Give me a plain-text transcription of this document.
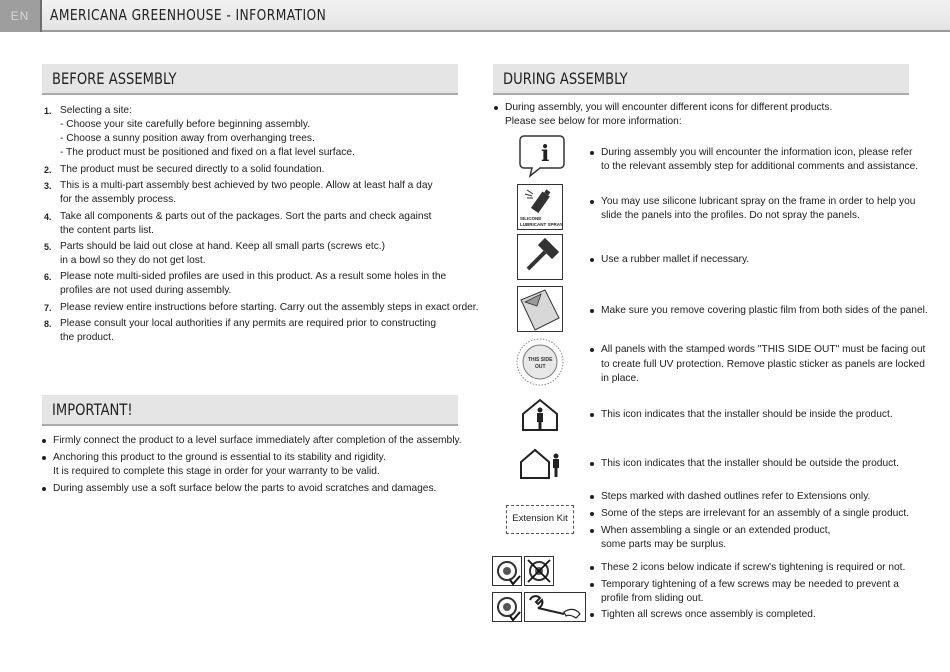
EN	AMERICANA GREENHOUSE - INFORMATION
BEFORE ASSEMBLY
1. Selecting a site:
- Choose your site carefully before beginning assembly.
- Choose a sunny position away from overhanging trees.
- The product must be positioned and fixed on a flat level surface.
2. The product must be secured directly to a solid foundation.
3. This is a multi-part assembly best achieved by two people. Allow at least half a day
for the assembly process.
4. Take all components & parts out of the packages. Sort the parts and check against
the content parts list.
5. Parts should be laid out close at hand. Keep all small parts (screws etc.)
in a bowl so they do not get lost.
6. Please note multi-sided profiles are used in this product. As a result some holes in the
profiles are not used during assembly.
7. Please review entire instructions before starting. Carry out the assembly steps in exact order.
8. Please consult your local authorities if any permits are required prior to constructing
the product.
IMPORTANT!
Firmly connect the product to a level surface immediately after completion of the assembly.
Anchoring this product to the ground is essential to its stability and rigidity.
It is required to complete this stage in order for your warranty to be valid.
During assembly use a soft surface below the parts to avoid scratches and damages.
DURING ASSEMBLY
During assembly, you will encounter different icons for different products.
Please see below for more information:
i	During assembly you will encounter the information icon, please refer
to the relevant assembly step for additional comments and assistance.
SILICONE
LUBRICANT SPRAY
You may use silicone lubricant spray on the frame in order to help you
slide the panels into the profiles. Do not spray the panels.
Use a rubber mallet if necessary.
Make sure you remove covering plastic film from both sides of the panel.
THIS SIDE
OUT
All panels with the stamped words "THIS SIDE OUT" must be facing out
to create full UV protection. Remove plastic sticker as panels are locked
in place.
This icon indicates that the installer should be inside the product.
This icon indicates that the installer should be outside the product.
Extension Kit
Steps marked with dashed outlines refer to Extensions only.
Some of the steps are irrelevant for an assembly of a single product.
When assembling a single or an extended product,
some parts may be surplus.
These 2 icons below indicate if screw's tightening is required or not.
Temporary tightening of a few screws may be needed to prevent a
profile from sliding out.
Tighten all screws once assembly is completed.
